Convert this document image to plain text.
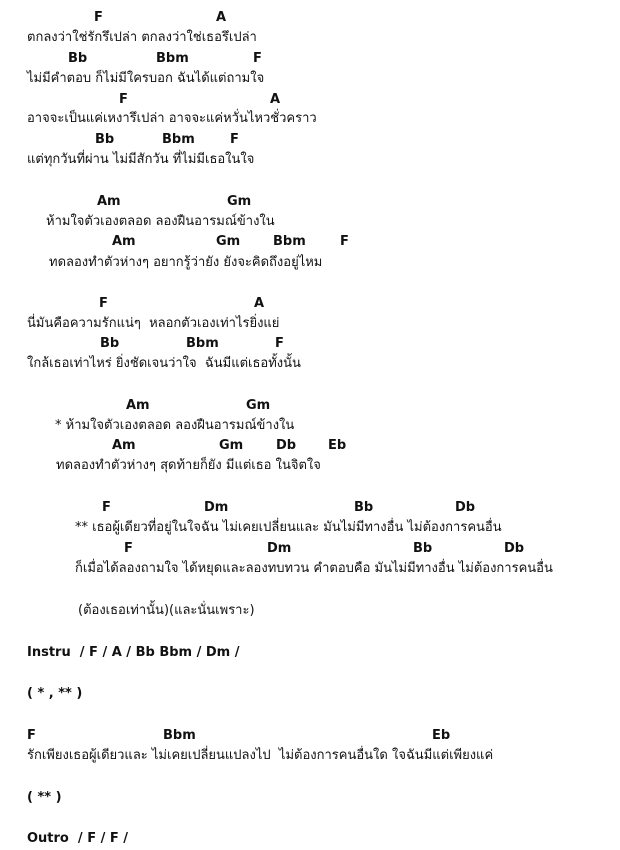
F	A
ตกลงว่าใช่รักรึเปล่า ตกลงว่าใช่เธอรึเปล่า
Bb	Bbm	F
ไม่มีคำตอบ ก็ไม่มีใครบอก ฉันได้แต่ถามใจ
F	A
อาจจะเป็นแค่เหงารึเปล่า อาจจะแค่หวั่นไหวชั่วคราว
Bb	Bbm	F
แต่ทุกวันที่ผ่าน ไม่มีสักวัน ที่ไม่มีเธอในใจ
Am	Gm
ห้ามใจตัวเองตลอด ลองฝืนอารมณ์ข้างใน
Am	Gm	Bbm	F
ทดลองทำตัวห่างๆ อยากรู้ว่ายัง ยังจะคิดถึงอยู่ไหม
F	A
นี่มันคือความรักแน่ๆ  หลอกตัวเองเท่าไรยิ่งแย่
Bb	Bbm	F
ใกล้เธอเท่าไหร่ ยิ่งชัดเจนว่าใจ  ฉันมีแต่เธอทั้งนั้น
Am	Gm
* ห้ามใจตัวเองตลอด ลองฝืนอารมณ์ข้างใน
Am	Gm	Db Eb
ทดลองทำตัวห่างๆ สุดท้ายก็ยัง มีแต่เธอ ในจิตใจ
F	Dm	Bb	Db
** เธอผู้เดียวที่อยู่ในใจฉัน ไม่เคยเปลี่ยนและ มันไม่มีทางอื่น ไม่ต้องการคนอื่น
F	Dm	Bb	Db
ก็เมื่อได้ลองถามใจ ได้หยุดและลองทบทวน คำตอบคือ มันไม่มีทางอื่น ไม่ต้องการคนอื่น
(ต้องเธอเท่านั้น)(และนั่นเพราะ)
Instru  / F / A / Bb Bbm / Dm /
( * , ** )
F	Bbm	Eb
รักเพียงเธอผู้เดียวและ ไม่เคยเปลี่ยนแปลงไป  ไม่ต้องการคนอื่นใด ใจฉันมีแต่เพียงแค่
( ** )
Outro  / F / F /
